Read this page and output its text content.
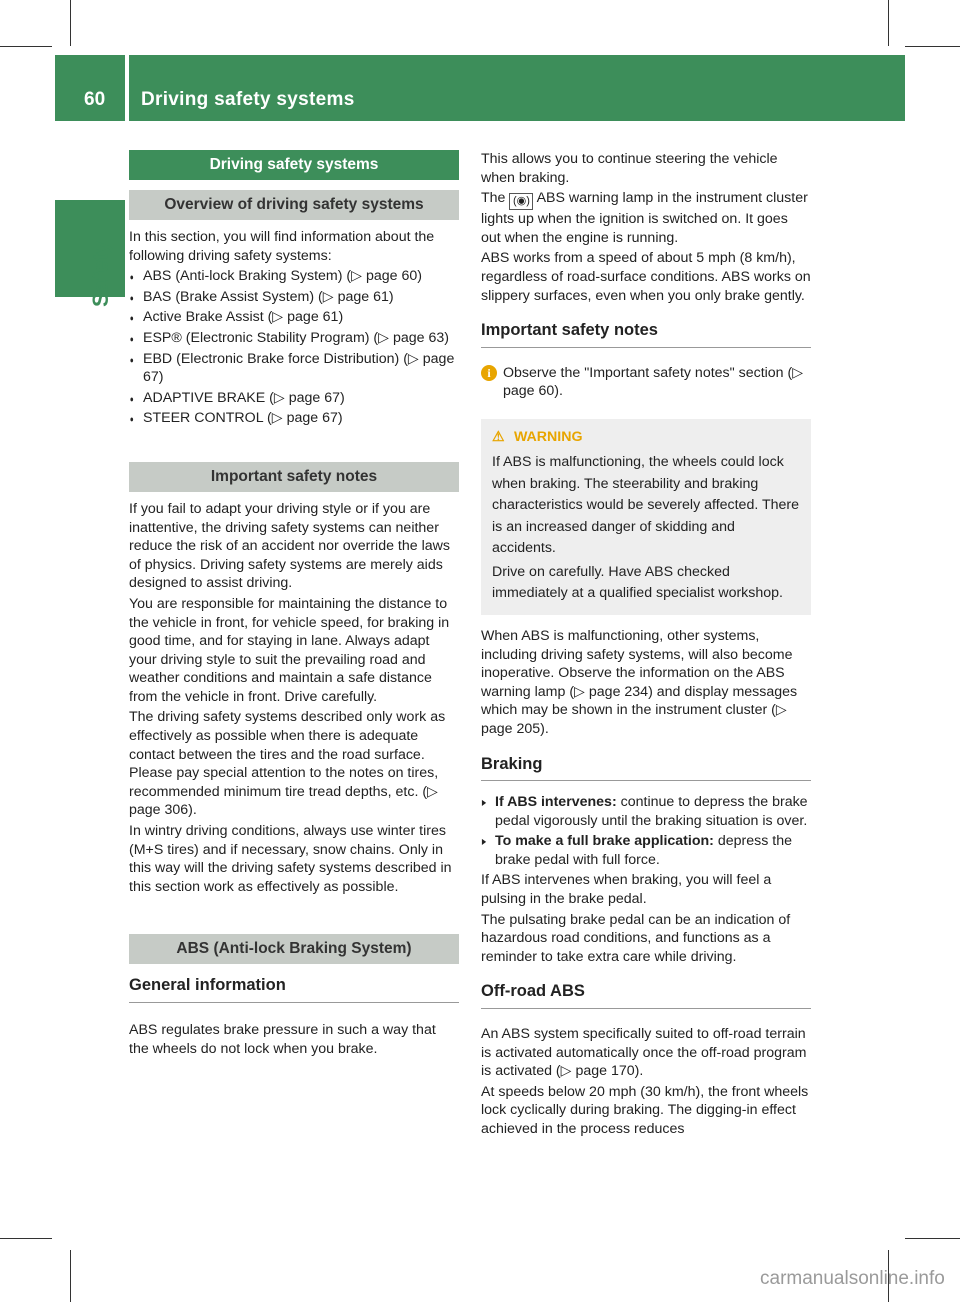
60 Driving safety systems
Safety
Driving safety systems
Overview of driving safety systems

In this section, you will find information about the following driving safety systems:

● ABS (Anti-lock Braking System) (▷ page 60)
● BAS (Brake Assist System) (▷ page 61)
● Active Brake Assist (▷ page 61)
● ESP® (Electronic Stability Program) (▷ page 63)
● EBD (Electronic Brake force Distribution) (▷ page 67)
● ADAPTIVE BRAKE (▷ page 67)
● STEER CONTROL (▷ page 67)
Important safety notes

If you fail to adapt your driving style or if you are inattentive, the driving safety systems can neither reduce the risk of an accident nor override the laws of physics. Driving safety systems are merely aids designed to assist driving.

You are responsible for maintaining the distance to the vehicle in front, for vehicle speed, for braking in good time, and for staying in lane. Always adapt your driving style to suit the prevailing road and weather conditions and maintain a safe distance from the vehicle in front. Drive carefully.

The driving safety systems described only work as effectively as possible when there is adequate contact between the tires and the road surface. Please pay special attention to the notes on tires, recommended minimum tire tread depths, etc. (▷ page 306).

In wintry driving conditions, always use winter tires (M+S tires) and if necessary, snow chains. Only in this way will the driving safety systems described in this section work as effectively as possible.

ABS (Anti-lock Braking System)
General information

ABS regulates brake pressure in such a way that the wheels do not lock when you brake.

This allows you to continue steering the vehicle when braking.

The (◉) ABS warning lamp in the instrument cluster lights up when the ignition is switched on. It goes out when the engine is running.

ABS works from a speed of about 5 mph (8 km/h), regardless of road-surface conditions. ABS works on slippery surfaces, even when you only brake gently.

Important safety notes
i Observe the "Important safety notes" section (▷ page 60).
⚠ WARNING

If ABS is malfunctioning, the wheels could lock when braking. The steerability and braking characteristics would be severely affected. There is an increased danger of skidding and accidents.

Drive on carefully. Have ABS checked immediately at a qualified specialist workshop.

When ABS is malfunctioning, other systems, including driving safety systems, will also become inoperative. Observe the information on the ABS warning lamp (▷ page 234) and display messages which may be shown in the instrument cluster (▷ page 205).

Braking
▶ If ABS intervenes: continue to depress the brake pedal vigorously until the braking situation is over.
▶ To make a full brake application: depress the brake pedal with full force.

If ABS intervenes when braking, you will feel a pulsing in the brake pedal.

The pulsating brake pedal can be an indication of hazardous road conditions, and functions as a reminder to take extra care while driving.

Off-road ABS

An ABS system specifically suited to off-road terrain is activated automatically once the off-road program is activated (▷ page 170).

At speeds below 20 mph (30 km/h), the front wheels lock cyclically during braking. The digging-in effect achieved in the process reduces

carmanualsonline.info
